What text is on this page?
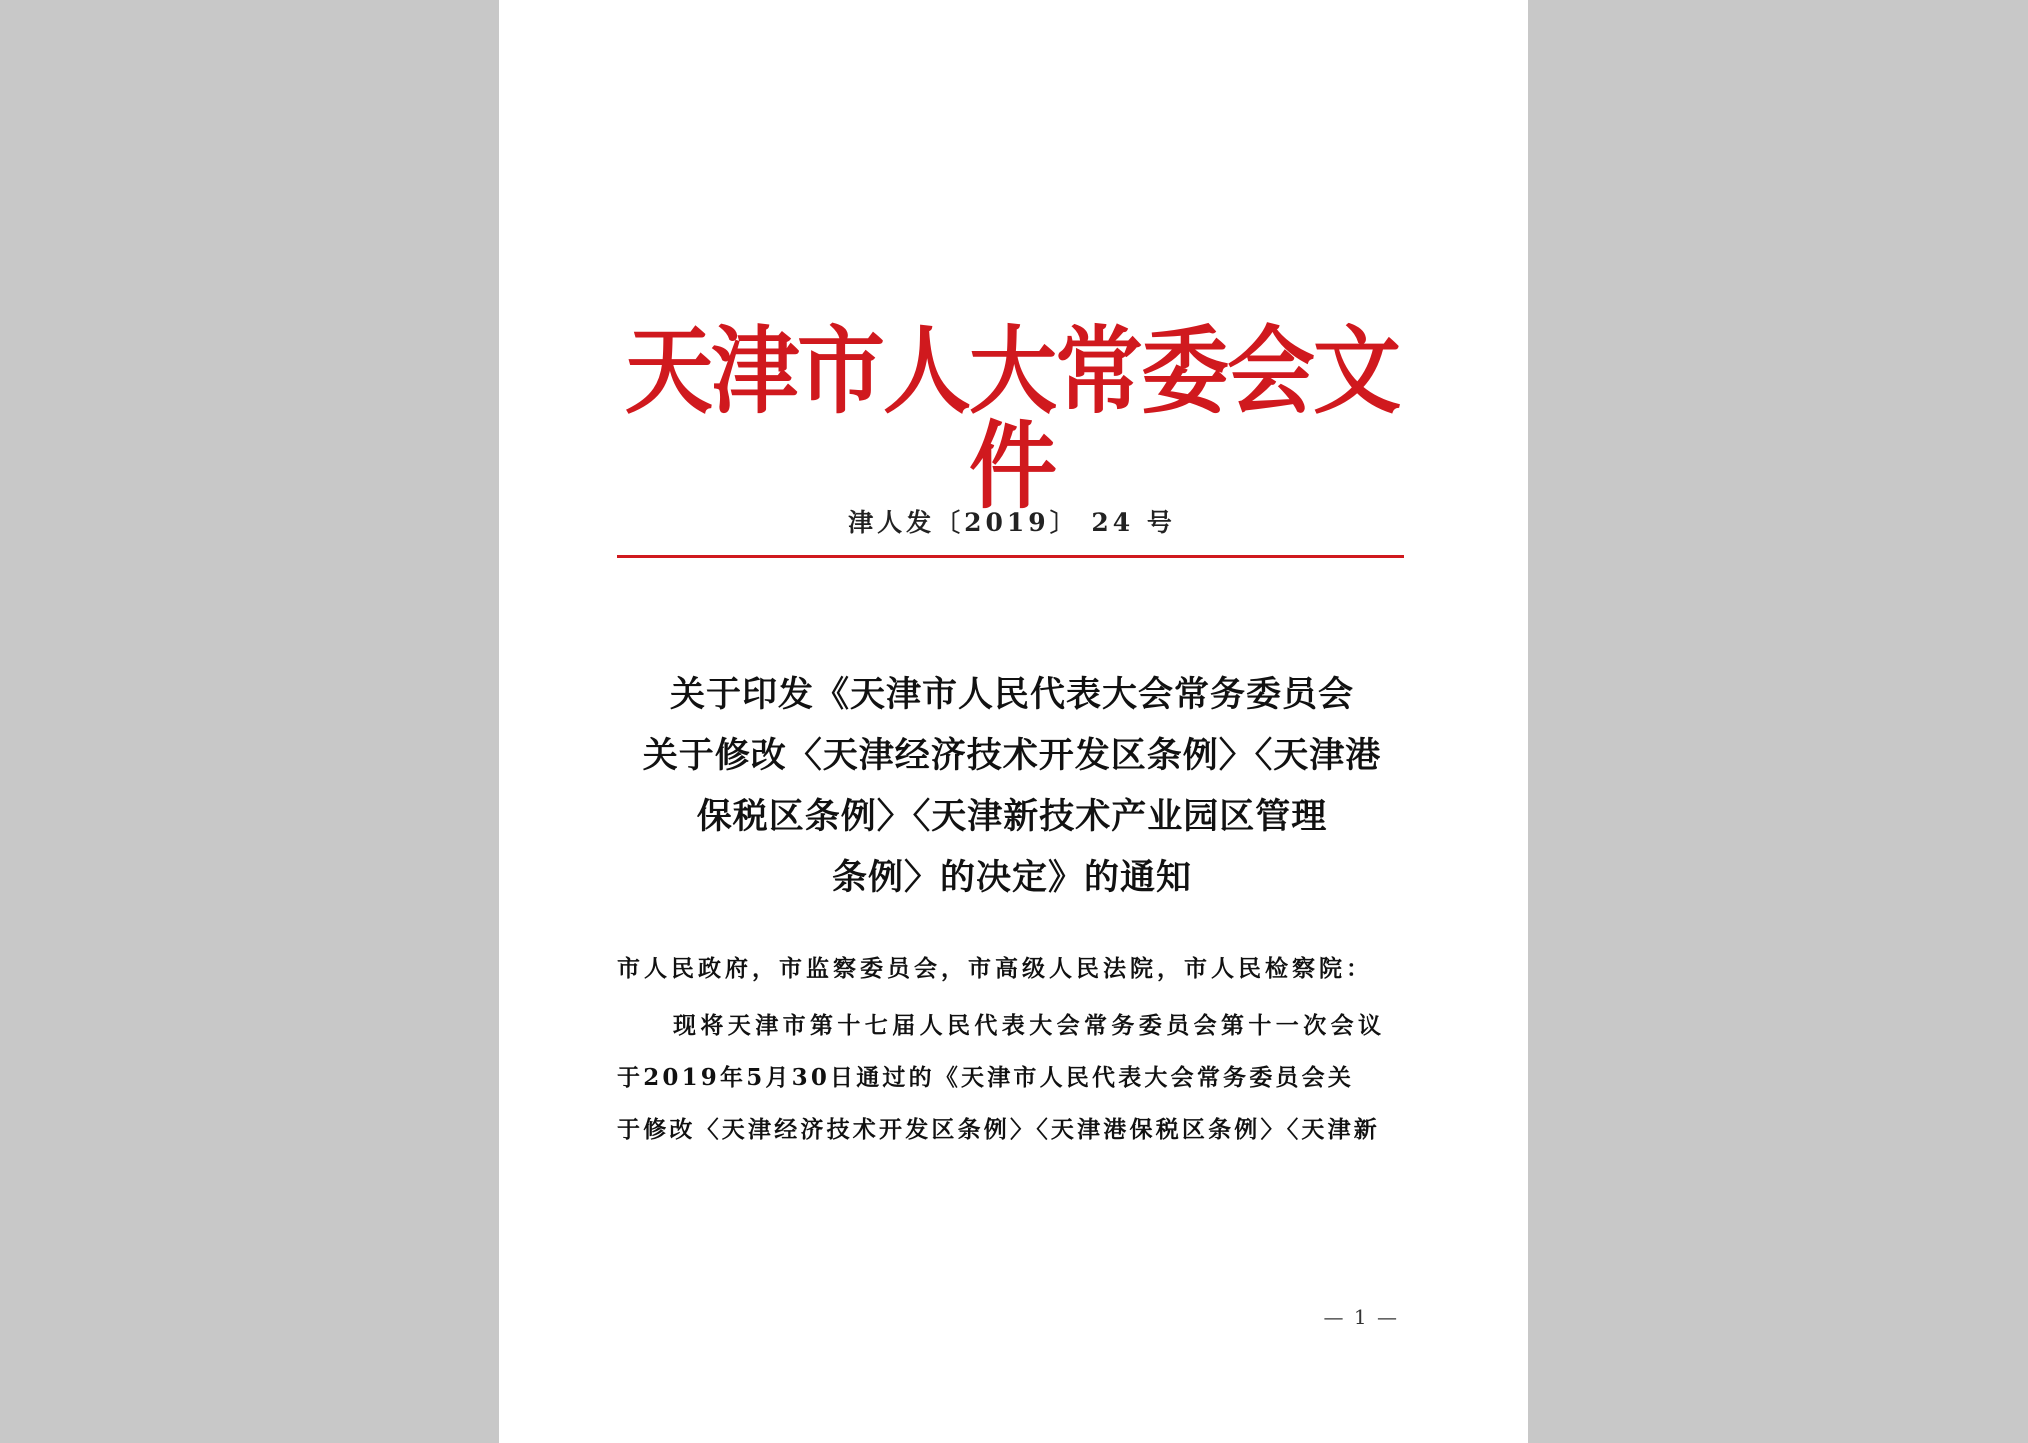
天津市人大常委会文件
津人发〔2019〕 24 号
关于印发《天津市人民代表大会常务委员会
关于修改〈天津经济技术开发区条例〉〈天津港
保税区条例〉〈天津新技术产业园区管理
条例〉的决定》的通知
市人民政府，市监察委员会，市高级人民法院，市人民检察院：
现将天津市第十七届人民代表大会常务委员会第十一次会议
于2019年5月30日通过的《天津市人民代表大会常务委员会关
于修改〈天津经济技术开发区条例〉〈天津港保税区条例〉〈天津新
— 1 —
